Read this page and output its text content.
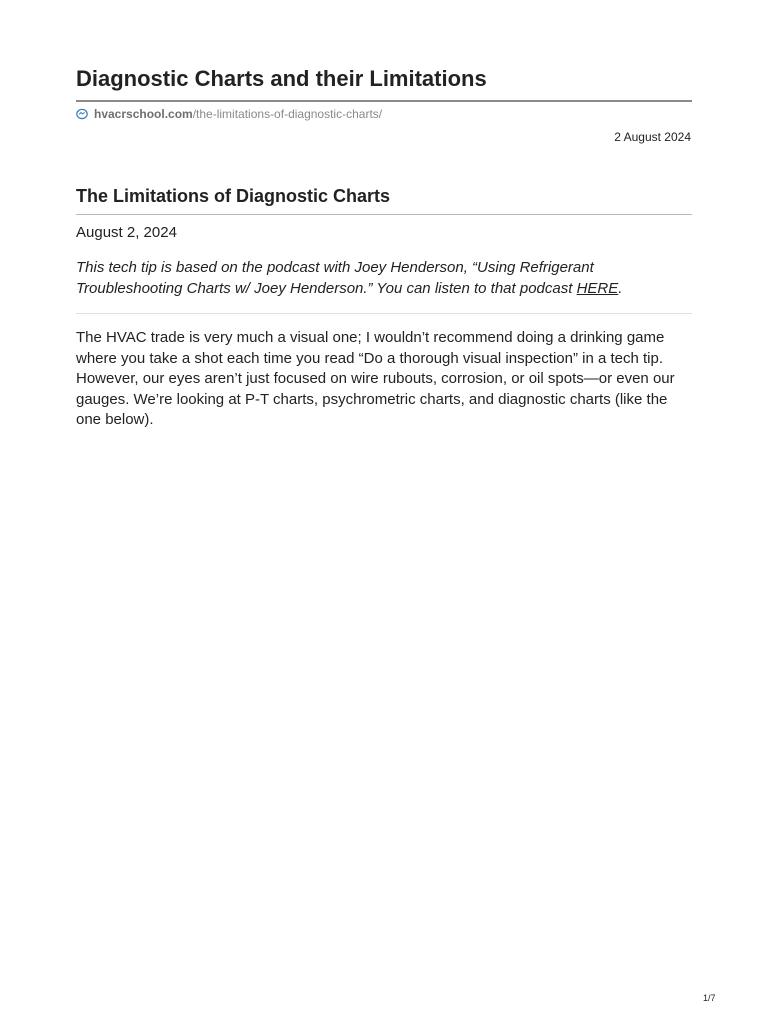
Diagnostic Charts and their Limitations
hvacrschool.com /the-limitations-of-diagnostic-charts/
2 August 2024
The Limitations of Diagnostic Charts
August 2, 2024

This tech tip is based on the podcast with Joey Henderson, “Using Refrigerant Troubleshooting Charts w/ Joey Henderson.” You can listen to that podcast HERE.

The HVAC trade is very much a visual one; I wouldn’t recommend doing a drinking game where you take a shot each time you read “Do a thorough visual inspection” in a tech tip. However, our eyes aren’t just focused on wire rubouts, corrosion, or oil spots—or even our gauges. We’re looking at P-T charts, psychrometric charts, and diagnostic charts (like the one below).

1/7
